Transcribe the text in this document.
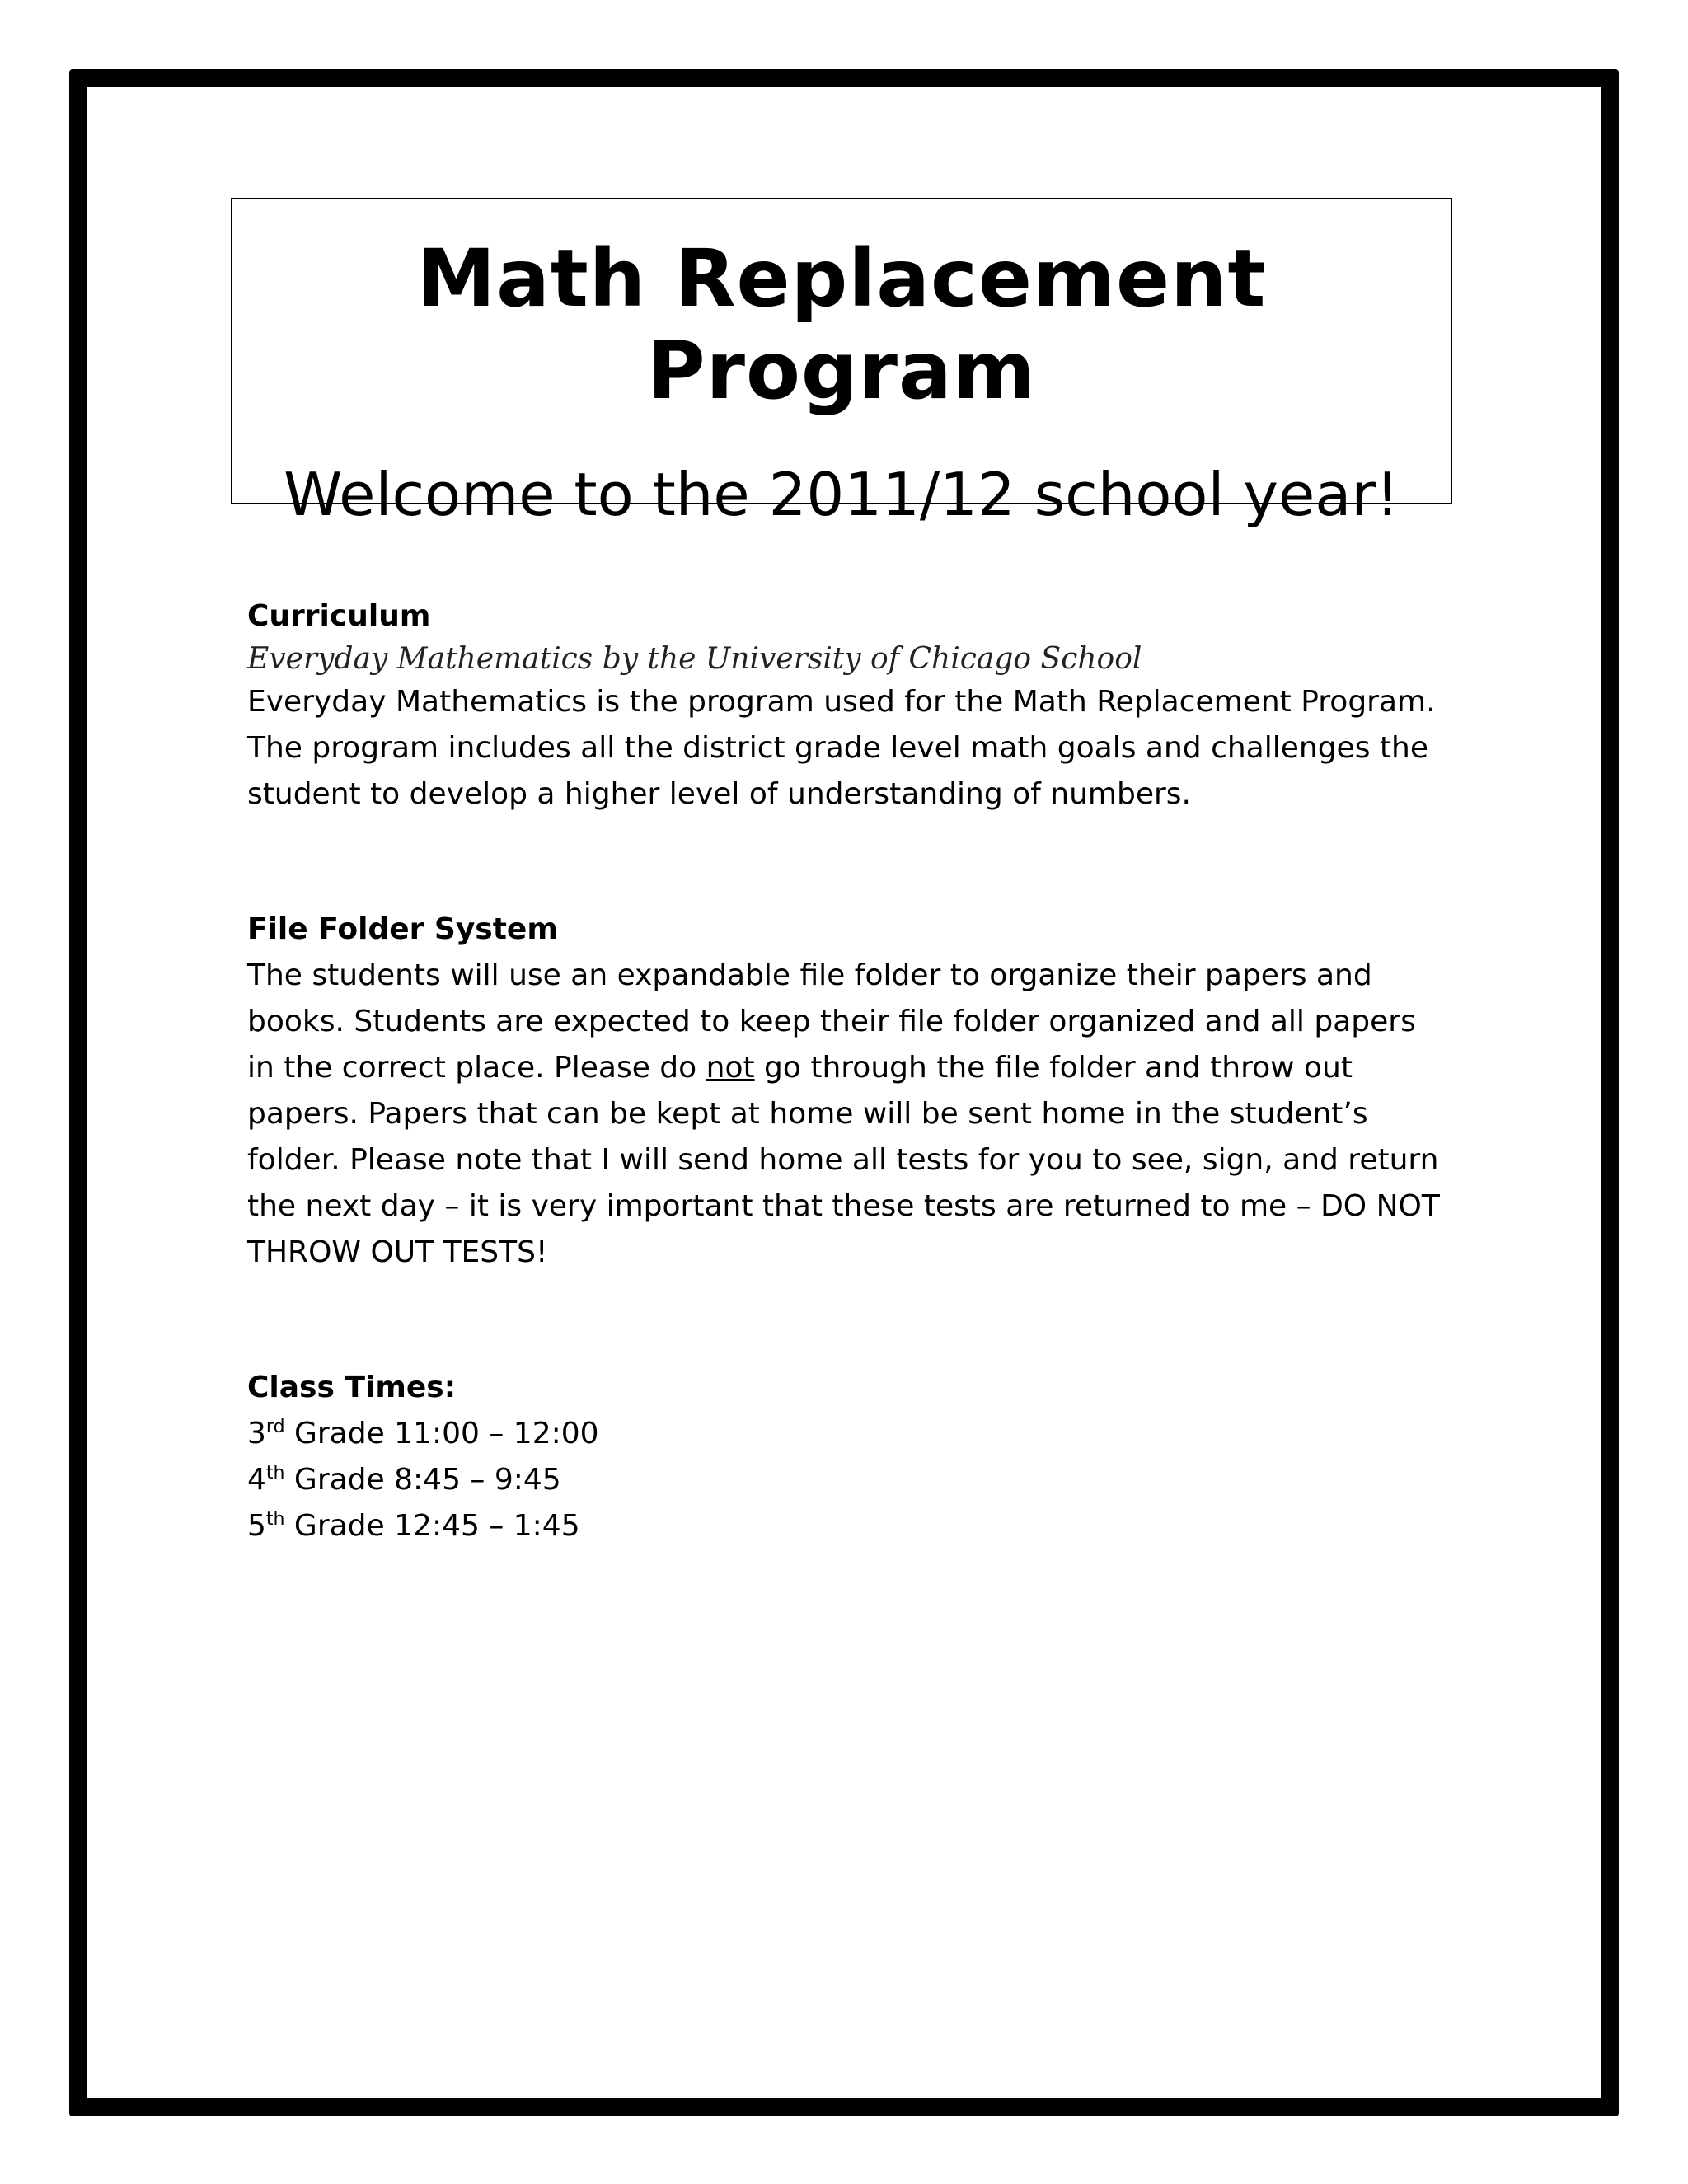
Math Replacement Program
Welcome to the 2011/12 school year!

Curriculum

Everyday Mathematics by the University of Chicago School

Everyday Mathematics is the program used for the Math Replacement Program. The program includes all the district grade level math goals and challenges the student to develop a higher level of understanding of numbers.

File Folder System

The students will use an expandable file folder to organize their papers and books. Students are expected to keep their file folder organized and all papers in the correct place. Please do not go through the file folder and throw out papers. Papers that can be kept at home will be sent home in the student’s folder. Please note that I will send home all tests for you to see, sign, and return the next day – it is very important that these tests are returned to me – DO NOT THROW OUT TESTS!

Class Times:

3rd Grade 11:00 – 12:00
4th Grade 8:45 – 9:45
5th Grade 12:45 – 1:45
